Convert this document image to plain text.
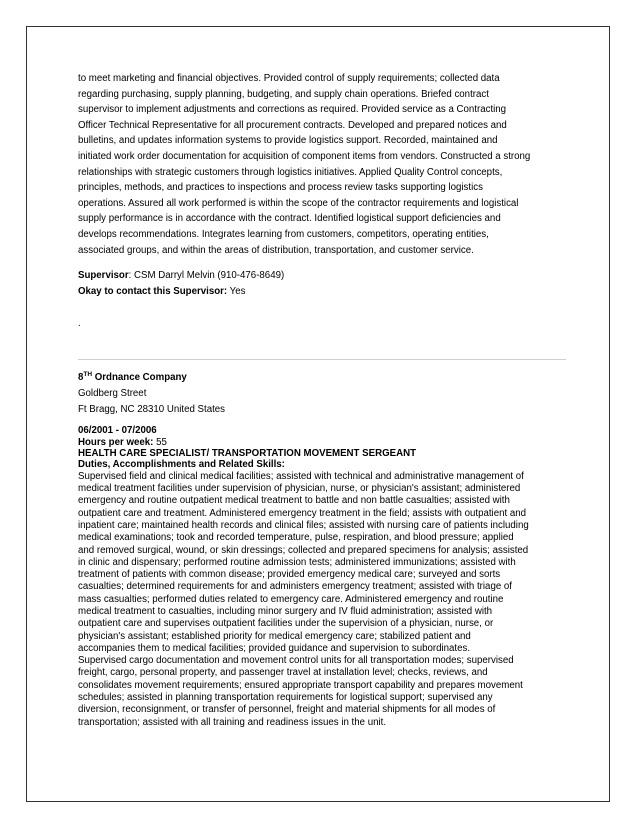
to meet marketing and financial objectives. Provided control of supply requirements; collected data
regarding purchasing, supply planning, budgeting, and supply chain operations. Briefed contract
supervisor to implement adjustments and corrections as required. Provided service as a Contracting
Officer Technical Representative for all procurement contracts. Developed and prepared notices and
bulletins, and updates information systems to provide logistics support. Recorded, maintained and
initiated work order documentation for acquisition of component items from vendors. Constructed a strong
relationships with strategic customers through logistics initiatives. Applied Quality Control concepts,
principles, methods, and practices to inspections and process review tasks supporting logistics
operations. Assured all work performed is within the scope of the contractor requirements and logistical
supply performance is in accordance with the contract. Identified logistical support deficiencies and
develops recommendations. Integrates learning from customers, competitors, operating entities,
associated groups, and within the areas of distribution, transportation, and customer service.
Supervisor: CSM Darryl Melvin (910-476-8649)
Okay to contact this Supervisor: Yes
.
8TH Ordnance Company
Goldberg Street
Ft Bragg, NC 28310 United States
06/2001 - 07/2006
Hours per week: 55
HEALTH CARE SPECIALIST/ TRANSPORTATION MOVEMENT SERGEANT
Duties, Accomplishments and Related Skills:
Supervised field and clinical medical facilities; assisted with technical and administrative management of
medical treatment facilities under supervision of physician, nurse, or physician's assistant; administered
emergency and routine outpatient medical treatment to battle and non battle casualties; assisted with
outpatient care and treatment. Administered emergency treatment in the field; assists with outpatient and
inpatient care; maintained health records and clinical files; assisted with nursing care of patients including
medical examinations; took and recorded temperature, pulse, respiration, and blood pressure; applied
and removed surgical, wound, or skin dressings; collected and prepared specimens for analysis; assisted
in clinic and dispensary; performed routine admission tests; administered immunizations; assisted with
treatment of patients with common disease; provided emergency medical care; surveyed and sorts
casualties; determined requirements for and administers emergency treatment; assisted with triage of
mass casualties; performed duties related to emergency care. Administered emergency and routine
medical treatment to casualties, including minor surgery and IV fluid administration; assisted with
outpatient care and supervises outpatient facilities under the supervision of a physician, nurse, or
physician's assistant; established priority for medical emergency care; stabilized patient and
accompanies them to medical facilities; provided guidance and supervision to subordinates.
Supervised cargo documentation and movement control units for all transportation modes; supervised
freight, cargo, personal property, and passenger travel at installation level; checks, reviews, and
consolidates movement requirements; ensured appropriate transport capability and prepares movement
schedules; assisted in planning transportation requirements for logistical support; supervised any
diversion, reconsignment, or transfer of personnel, freight and material shipments for all modes of
transportation; assisted with all training and readiness issues in the unit.
